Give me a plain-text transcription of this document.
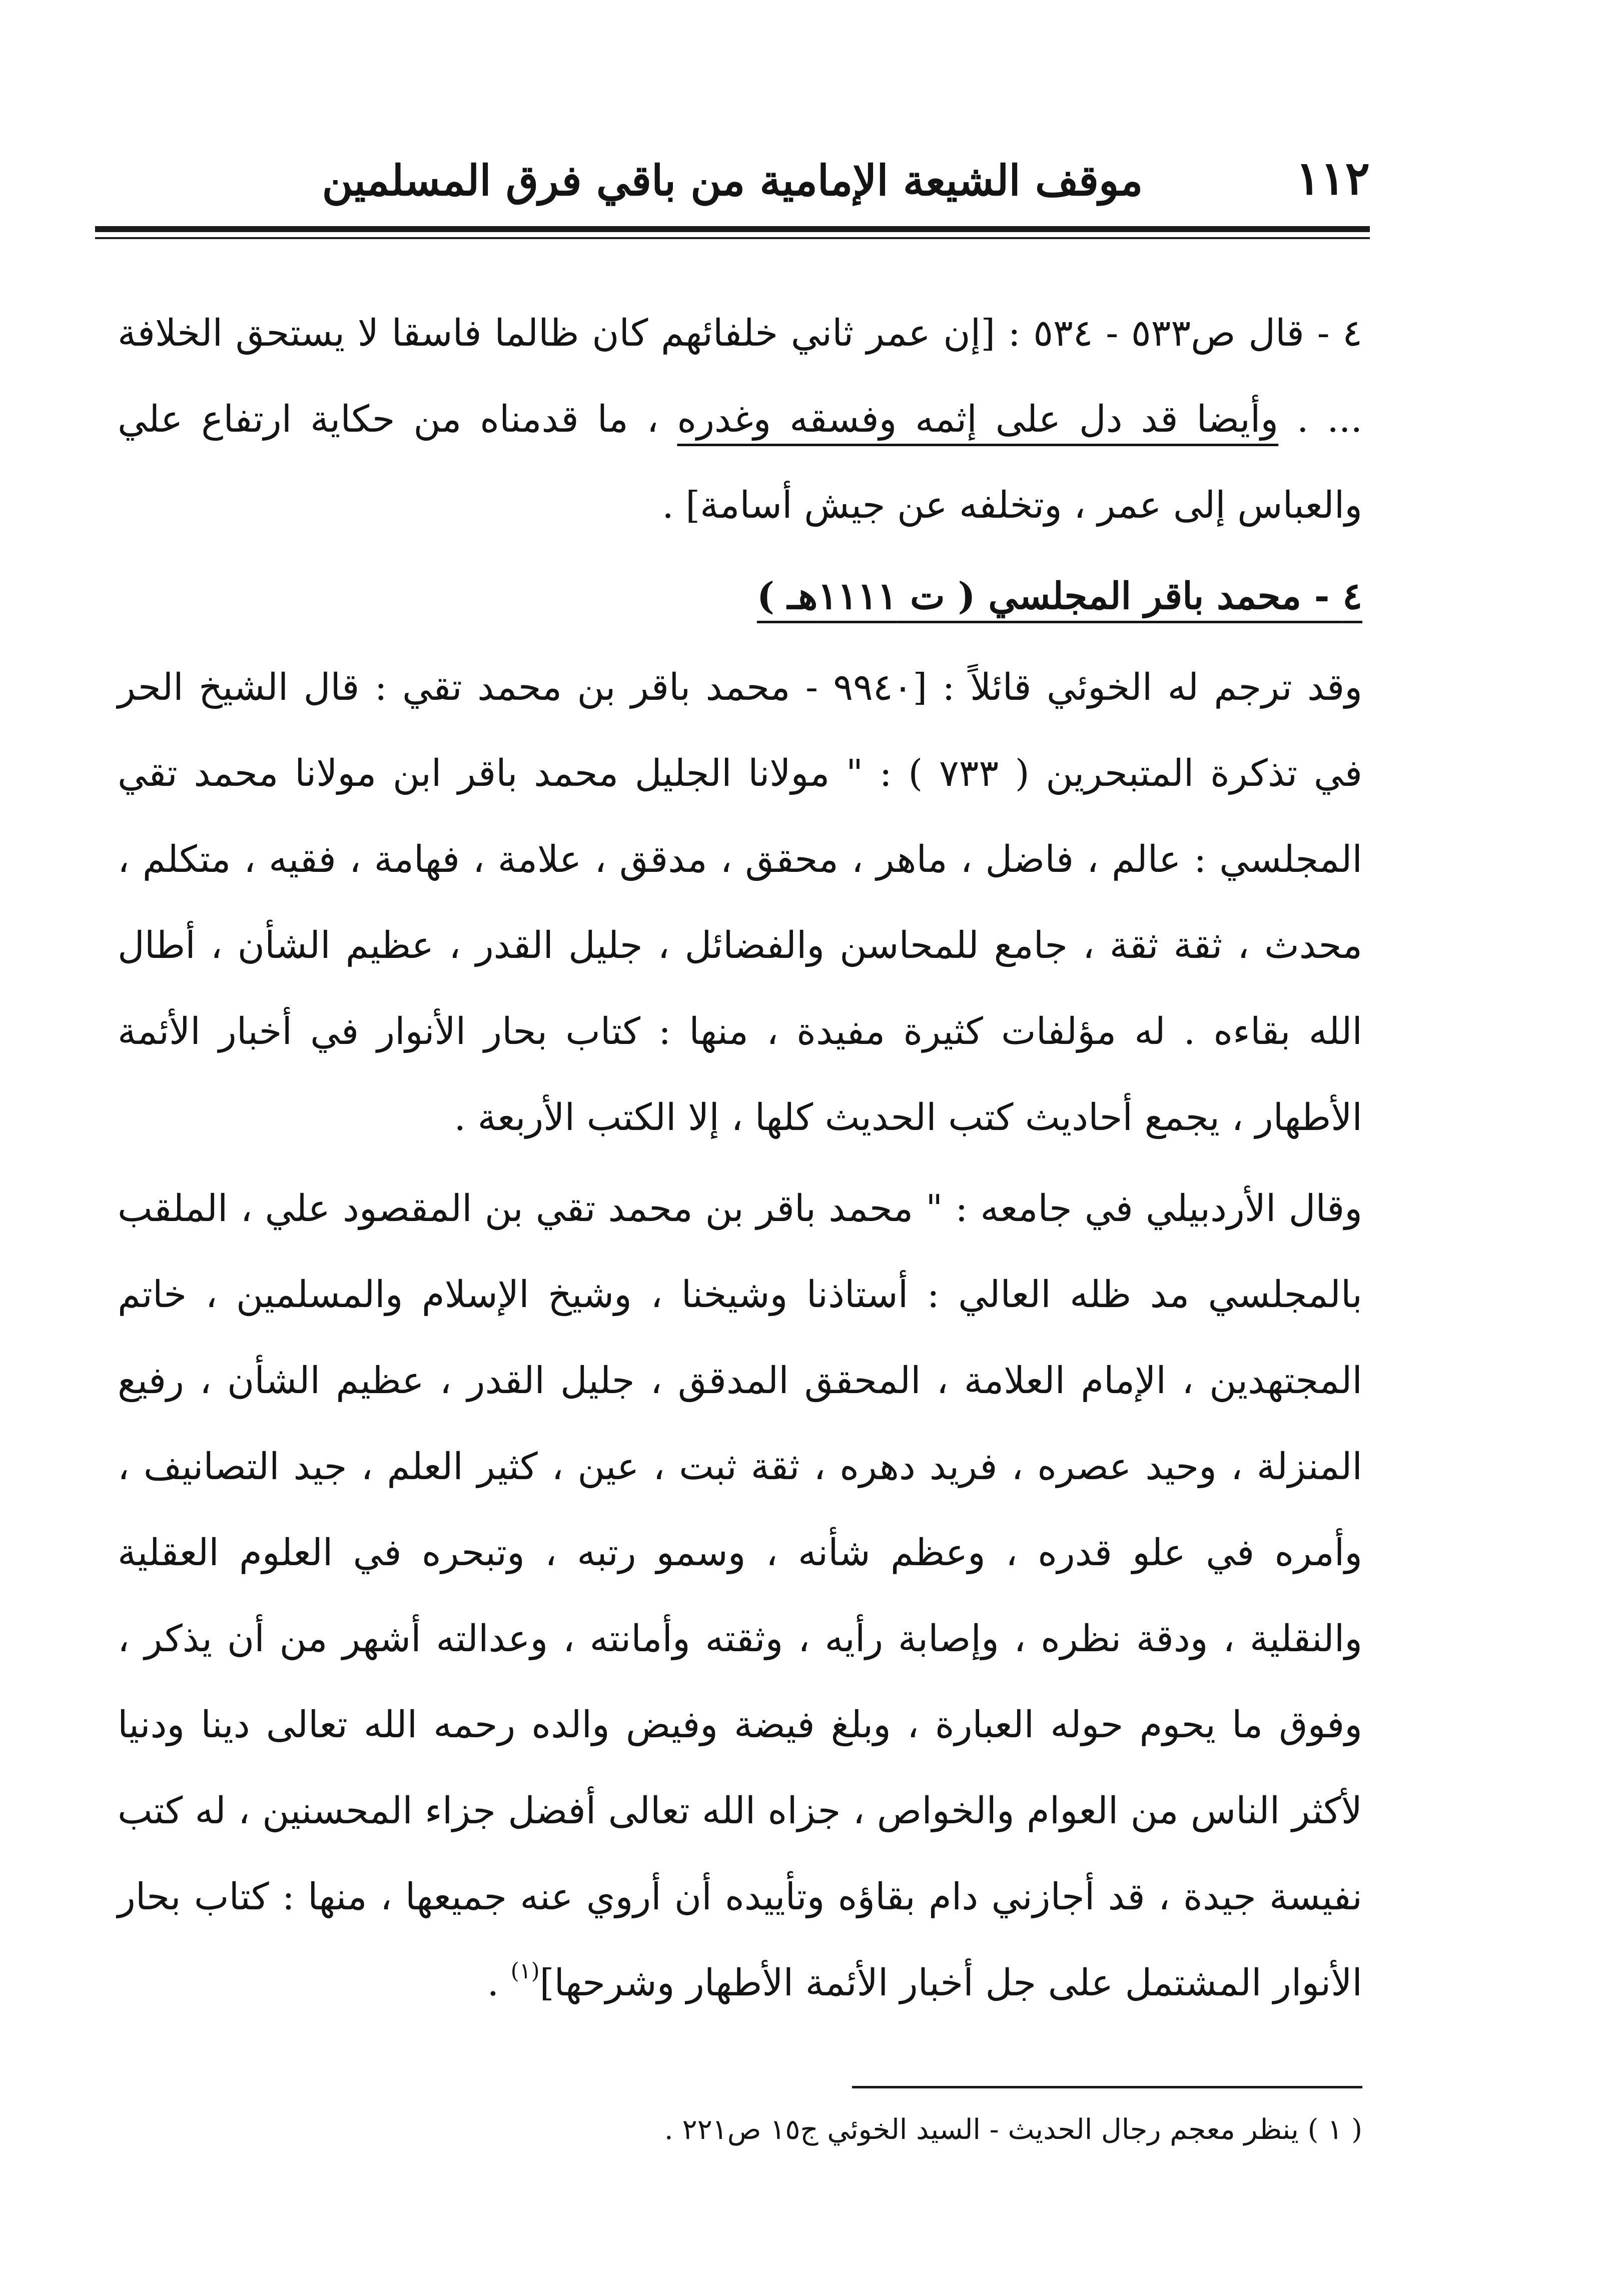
موقف الشيعة الإمامية من باقي فرق المسلمين	١١٢

٤ - قال ص٥٣٣ - ٥٣٤ : [إن عمر ثاني خلفائهم كان ظالما فاسقا لا يستحق الخلافة ... . وأيضا قد دل على إثمه وفسقه وغدره ، ما قدمناه من حكاية ارتفاع علي والعباس إلى عمر ، وتخلفه عن جيش أسامة] .

٤ - محمد باقر المجلسي ( ت ١١١١هـ )

وقد ترجم له الخوئي قائلاً : [٩٩٤٠ - محمد باقر بن محمد تقي : قال الشيخ الحر في تذكرة المتبحرين ( ٧٣٣ ) : " مولانا الجليل محمد باقر ابن مولانا محمد تقي المجلسي : عالم ، فاضل ، ماهر ، محقق ، مدقق ، علامة ، فهامة ، فقيه ، متكلم ، محدث ، ثقة ثقة ، جامع للمحاسن والفضائل ، جليل القدر ، عظيم الشأن ، أطال الله بقاءه . له مؤلفات كثيرة مفيدة ، منها : كتاب بحار الأنوار في أخبار الأئمة الأطهار ، يجمع أحاديث كتب الحديث كلها ، إلا الكتب الأربعة .

وقال الأردبيلي في جامعه : " محمد باقر بن محمد تقي بن المقصود علي ، الملقب بالمجلسي مد ظله العالي : أستاذنا وشيخنا ، وشيخ الإسلام والمسلمين ، خاتم المجتهدين ، الإمام العلامة ، المحقق المدقق ، جليل القدر ، عظيم الشأن ، رفيع المنزلة ، وحيد عصره ، فريد دهره ، ثقة ثبت ، عين ، كثير العلم ، جيد التصانيف ، وأمره في علو قدره ، وعظم شأنه ، وسمو رتبه ، وتبحره في العلوم العقلية والنقلية ، ودقة نظره ، وإصابة رأيه ، وثقته وأمانته ، وعدالته أشهر من أن يذكر ، وفوق ما يحوم حوله العبارة ، وبلغ فيضة وفيض والده رحمه الله تعالى دينا ودنيا لأكثر الناس من العوام والخواص ، جزاه الله تعالى أفضل جزاء المحسنين ، له كتب نفيسة جيدة ، قد أجازني دام بقاؤه وتأييده أن أروي عنه جميعها ، منها : كتاب بحار الأنوار المشتمل على جل أخبار الأئمة الأطهار وشرحها]$^{(١)}$ .

( ١ ) ينظر معجم رجال الحديث - السيد الخوئي ج١٥ ص٢٢١ .
